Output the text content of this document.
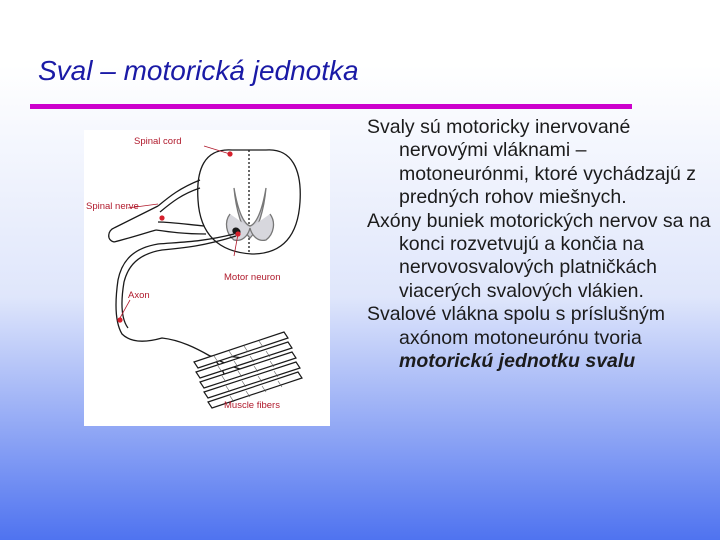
Sval – motorická jednotka
Spinal cord
Spinal nerve
Motor neuron
Axon
Muscle fibers

Svaly sú motoricky inervované nervovými vláknami – motoneurónmi, ktoré vychádzajú z predných rohov miešnych.

Axóny buniek motorických nervov sa na konci rozvetvujú a končia na nervovosvalových platničkách viacerých svalových vlákien.

Svalové vlákna spolu s príslušným axónom motoneurónu tvoria motorickú jednotku svalu
